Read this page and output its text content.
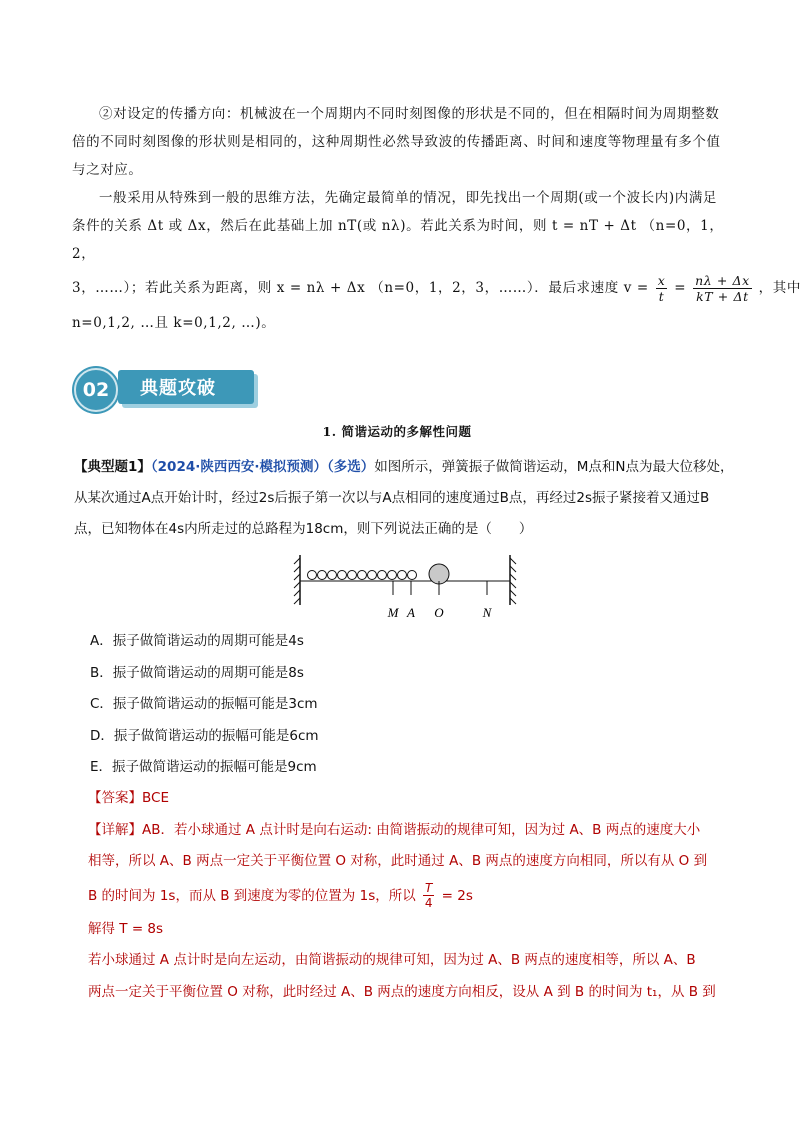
②对设定的传播方向：机械波在一个周期内不同时刻图像的形状是不同的，但在相隔时间为周期整数倍的不同时刻图像的形状则是相同的，这种周期性必然导致波的传播距离、时间和速度等物理量有多个值与之对应。

一般采用从特殊到一般的思维方法，先确定最简单的情况，即先找出一个周期(或一个波长内)内满足条件的关系 Δt 或 Δx，然后在此基础上加 nT(或 nλ)。若此关系为时间，则 t = nT + Δt （n=0，1，2，

3，……）；若此关系为距离，则 x = nλ + Δx （n=0，1，2，3，……）．最后求速度 $v = \frac{x}{t} = \frac{n\lambda + \Delta x}{kT + \Delta t}$ ，其中
n=0,1,2, …且 k=0,1,2, …)。
02	典题攻破
1. 简谐运动的多解性问题
【典型题1】（2024·陕西西安·模拟预测）（多选）如图所示，弹簧振子做简谐运动，M点和N点为最大位移处，从某次通过A点开始计时，经过2s后振子第一次以与A点相同的速度通过B点，再经过2s振子紧接着又通过B点，已知物体在4s内所走过的总路程为18cm，则下列说法正确的是（　　）
M A O	N
A．振子做简谐运动的周期可能是4s
B．振子做简谐运动的周期可能是8s
C．振子做简谐运动的振幅可能是3cm
D．振子做简谐运动的振幅可能是6cm
E．振子做简谐运动的振幅可能是9cm
【答案】BCE
【详解】AB．若小球通过 A 点计时是向右运动: 由简谐振动的规律可知，因为过 A、B 两点的速度大小
相等，所以 A、B 两点一定关于平衡位置 O 对称，此时通过 A、B 两点的速度方向相同，所以有从 O 到
B 的时间为 1s，而从 B 到速度为零的位置为 1s，所以 $\frac{T}{4} = 2s$
解得 T = 8s
若小球通过 A 点计时是向左运动，由简谐振动的规律可知，因为过 A、B 两点的速度相等，所以 A、B
两点一定关于平衡位置 O 对称，此时经过 A、B 两点的速度方向相反，设从 A 到 B 的时间为 t₁，从 B 到
